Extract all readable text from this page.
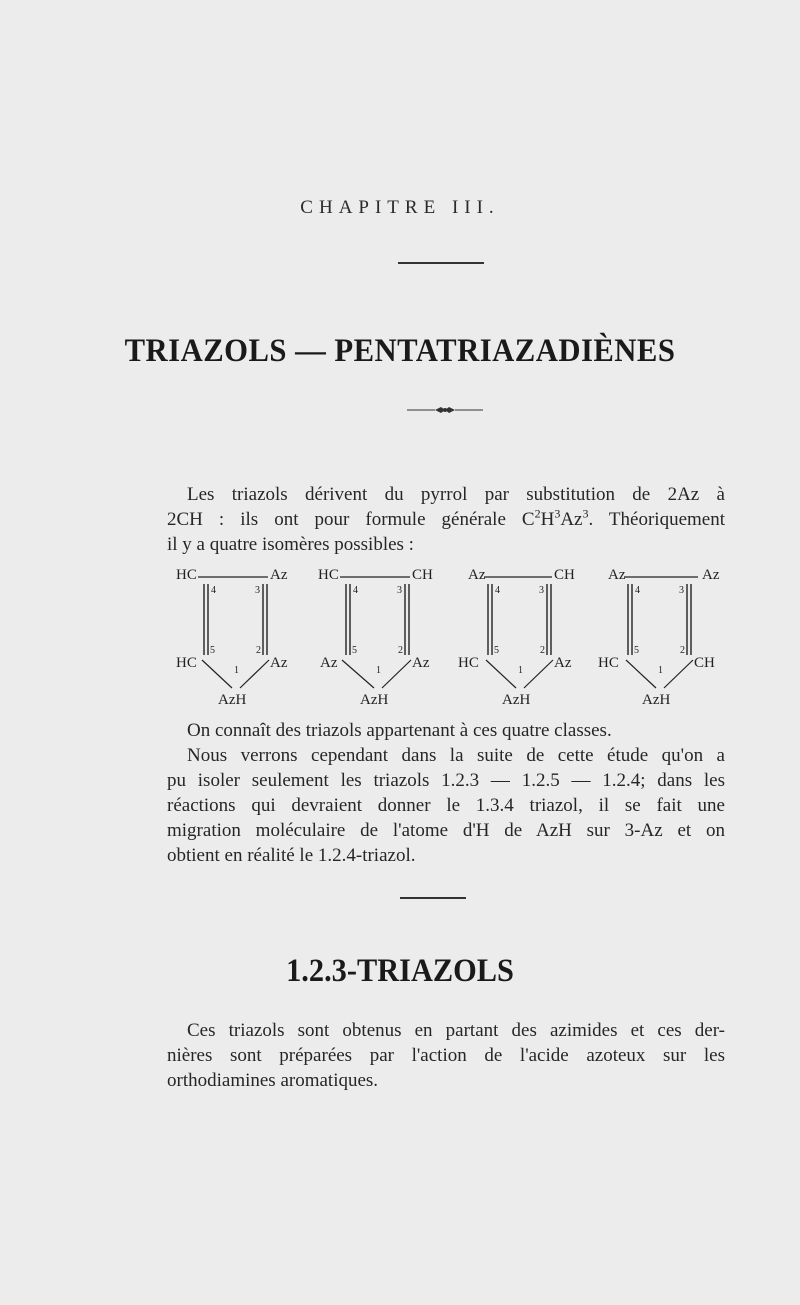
CHAPITRE III.
TRIAZOLS — PENTATRIAZADIÈNES
Les triazols dérivent du pyrrol par substitution de 2Az à
2CH : ils ont pour formule générale $C^2H^3Az^3$. Théoriquement
il y a quatre isomères possibles :
HC	Az
4	3
5	2
HC	Az
1
AzH
HC	CH
4	3
5	2
Az	Az
1
AzH
Az	CH
4	3
5	2
HC	Az
1
AzH
Az	Az
4	3
5	2
HC	CH
1
AzH
On connaît des triazols appartenant à ces quatre classes.
Nous verrons cependant dans la suite de cette étude qu'on a
pu isoler seulement les triazols 1.2.3 — 1.2.5 — 1.2.4; dans les
réactions qui devraient donner le 1.3.4 triazol, il se fait une
migration moléculaire de l'atome d'H de AzH sur 3-Az et on
obtient en réalité le 1.2.4-triazol.
1.2.3-TRIAZOLS
Ces triazols sont obtenus en partant des azimides et ces der-
nières sont préparées par l'action de l'acide azoteux sur les
orthodiamines aromatiques.
